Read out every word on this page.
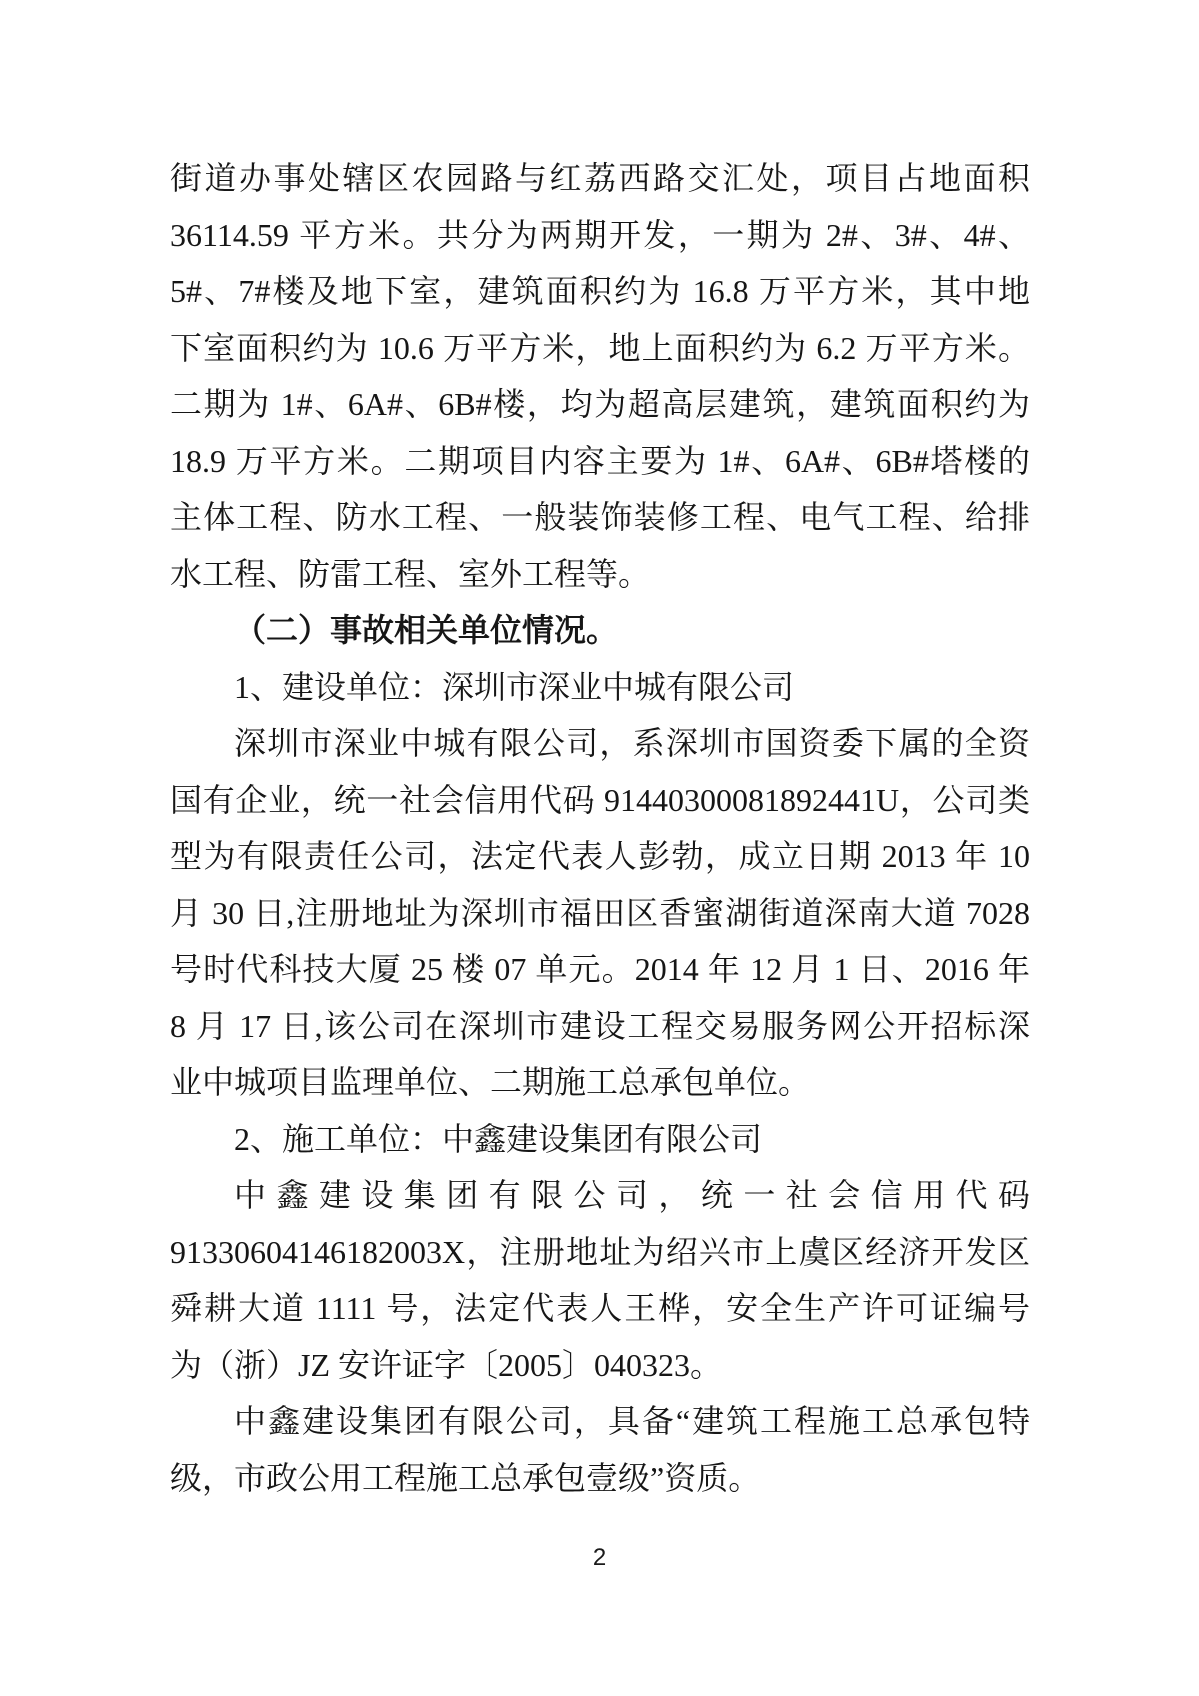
街道办事处辖区农园路与红荔西路交汇处，项目占地面积
36114.59 平方米。共分为两期开发，一期为 2#、3#、4#、
5#、7#楼及地下室，建筑面积约为 16.8 万平方米，其中地
下室面积约为 10.6 万平方米，地上面积约为 6.2 万平方米。
二期为 1#、6A#、6B#楼，均为超高层建筑，建筑面积约为
18.9 万平方米。二期项目内容主要为 1#、6A#、6B#塔楼的
主体工程、防水工程、一般装饰装修工程、电气工程、给排
水工程、防雷工程、室外工程等。
（二）事故相关单位情况。
1、建设单位：深圳市深业中城有限公司
深圳市深业中城有限公司，系深圳市国资委下属的全资
国有企业，统一社会信用代码 91440300081892441U，公司类
型为有限责任公司，法定代表人彭勃，成立日期 2013 年 10
月 30 日,注册地址为深圳市福田区香蜜湖街道深南大道 7028
号时代科技大厦 25 楼 07 单元。2014 年 12 月 1 日、2016 年
8 月 17 日,该公司在深圳市建设工程交易服务网公开招标深
业中城项目监理单位、二期施工总承包单位。
2、施工单位：中鑫建设集团有限公司
中鑫建设集团有限公司，统一社会信用代码
91330604146182003X，注册地址为绍兴市上虞区经济开发区
舜耕大道 1111 号，法定代表人王桦，安全生产许可证编号
为（浙）JZ 安许证字〔2005〕040323。
中鑫建设集团有限公司，具备“建筑工程施工总承包特
级，市政公用工程施工总承包壹级”资质。
2
